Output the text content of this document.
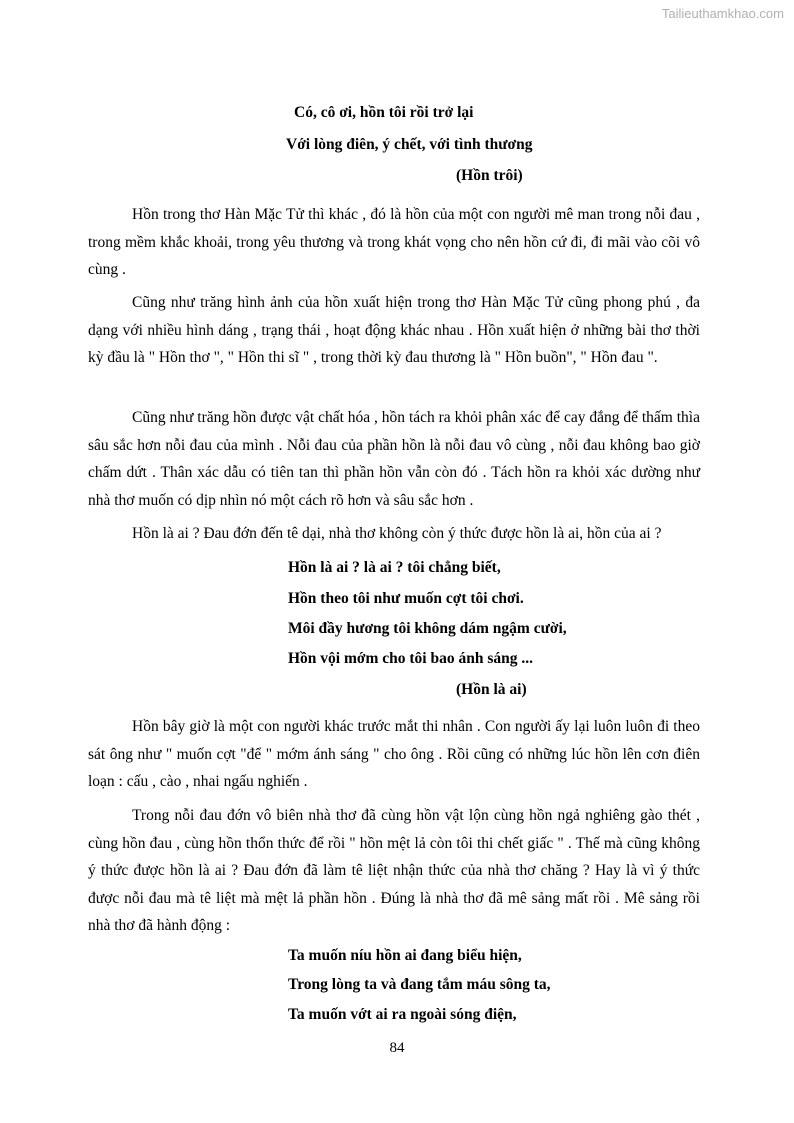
Tailieuthamkhao.com
Có, cô ơi, hồn tôi rồi trở lại
Với lòng điên, ý chết, với tình thương
(Hồn trôi)
Hồn trong thơ Hàn Mặc Tử thì khác , đó là hồn của một con người mê man trong nỗi đau , trong mềm khắc khoải, trong yêu thương và trong khát vọng cho nên hồn cứ đi, đi mãi vào cõi vô cùng .
Cũng như trăng hình ảnh của hồn xuất hiện trong thơ Hàn Mặc Tử cũng phong phú , đa dạng với nhiều hình dáng , trạng thái , hoạt động khác nhau . Hồn xuất hiện ở những bài thơ thời kỳ đầu là " Hồn thơ ", " Hồn thi sĩ " , trong thời kỳ đau thương là " Hồn buồn", " Hồn đau ".
Cũng như trăng hồn được vật chất hóa , hồn tách ra khỏi phân xác để cay đắng để thấm thìa sâu sắc hơn nỗi đau của mình . Nỗi đau của phần hồn là nỗi đau vô cùng , nỗi đau không bao giờ chấm dứt . Thân xác dẫu có tiên tan thì phần hồn vẫn còn đó . Tách hồn ra khỏi xác dường như nhà thơ muốn có dịp nhìn nó một cách rõ hơn và sâu sắc hơn .
Hồn là ai ? Đau đớn đến tê dại, nhà thơ không còn ý thức được hồn là ai, hồn của ai ?
Hồn là ai ? là ai ? tôi chẳng biết,
Hồn theo tôi như muốn cợt tôi chơi.
Môi đầy hương tôi không dám ngậm cười,
Hồn vội mớm cho tôi bao ánh sáng ...
(Hồn là ai)
Hồn bây giờ là một con người khác trước mắt thi nhân . Con người ấy lại luôn luôn đi theo sát ông như " muốn cợt "để " mớm ánh sáng " cho ông . Rồi cũng có những lúc hồn lên cơn điên loạn : cấu , cào , nhai ngấu nghiến .
Trong nỗi đau đớn vô biên nhà thơ đã cùng hồn vật lộn cùng hồn ngả nghiêng gào thét , cùng hồn đau , cùng hồn thổn thức để rồi " hồn mệt lả còn tôi thi chết giấc " . Thế mà cũng không ý thức được hồn là ai ? Đau đớn đã làm tê liệt nhận thức của nhà thơ chăng ? Hay là vì ý thức được nỗi đau mà tê liệt mà mệt lả phần hồn . Đúng là nhà thơ đã mê sảng mất rồi . Mê sảng rồi nhà thơ đã hành động :
Ta muốn níu hồn ai đang biểu hiện,
Trong lòng ta và đang tắm máu sông ta,
Ta muốn vớt ai ra ngoài sóng điện,
84
